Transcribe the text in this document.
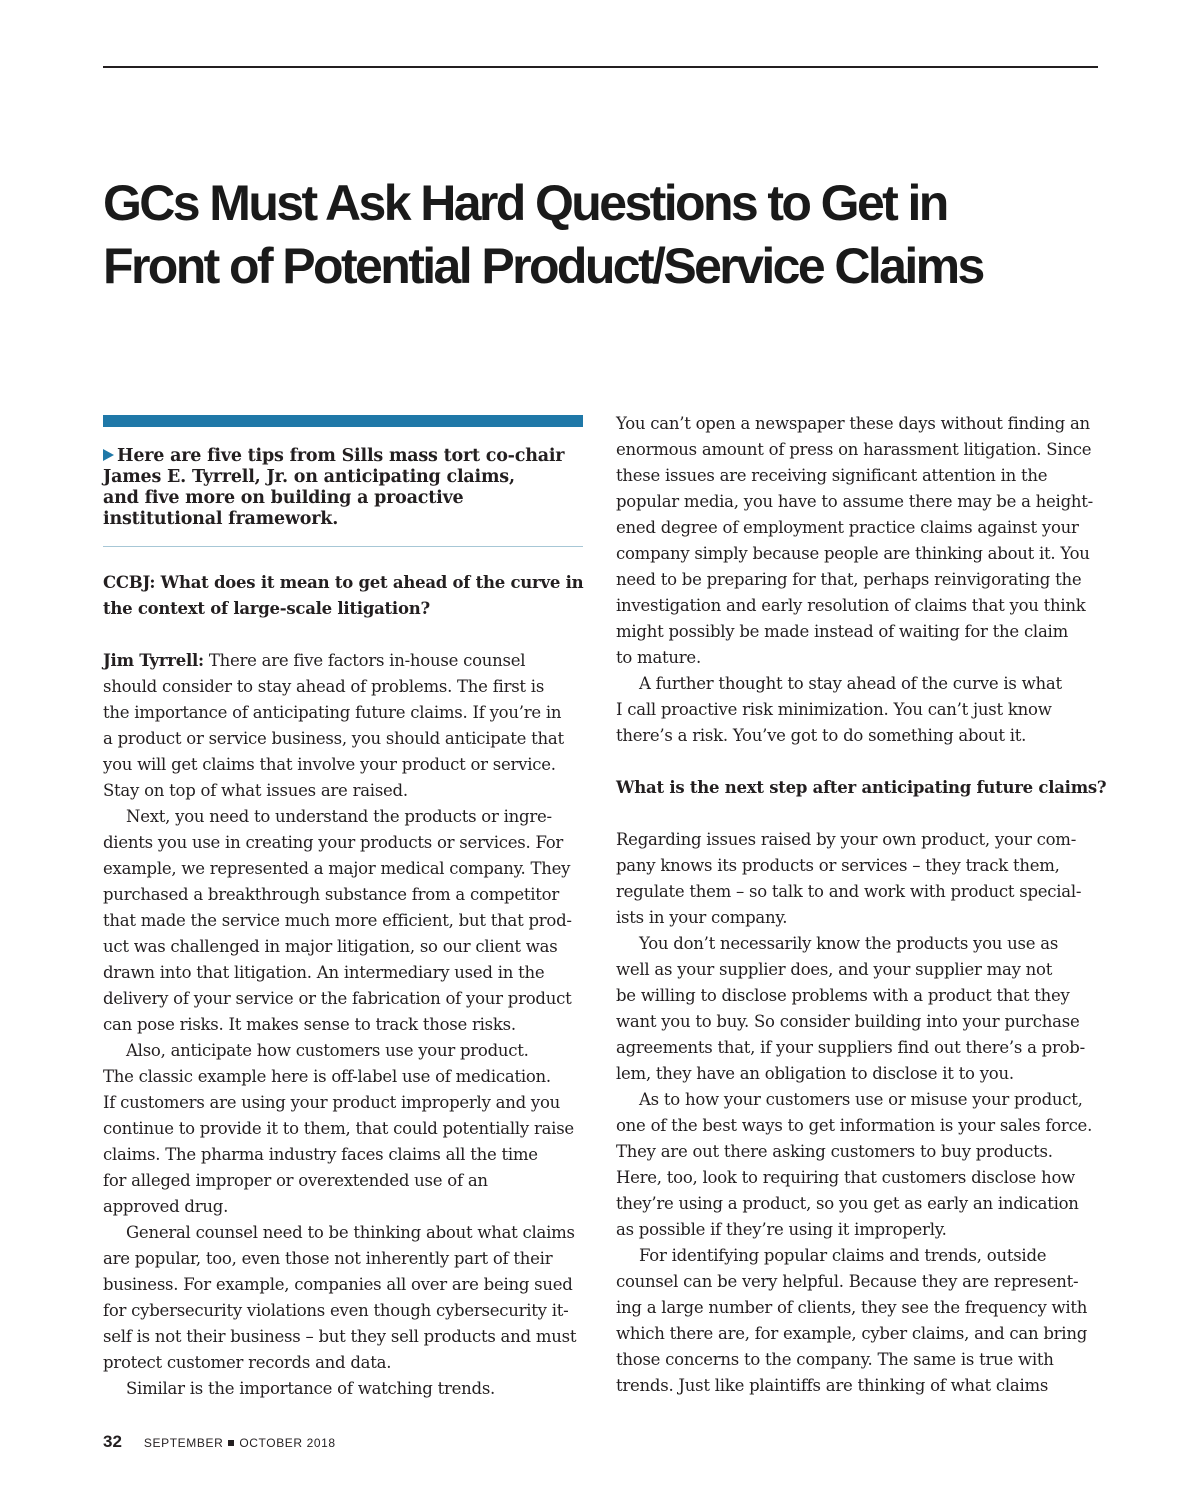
GCs Must Ask Hard Questions to Get in
Front of Potential Product/Service Claims
Here are five tips from Sills mass tort co-chair
James E. Tyrrell, Jr. on anticipating claims,
and five more on building a proactive
institutional framework.
CCBJ: What does it mean to get ahead of the curve in
the context of large-scale litigation?
Jim Tyrrell: There are five factors in-house counsel
should consider to stay ahead of problems. The first is
the importance of anticipating future claims. If you’re in
a product or service business, you should anticipate that
you will get claims that involve your product or service.
Stay on top of what issues are raised.
Next, you need to understand the products or ingre-
dients you use in creating your products or services. For
example, we represented a major medical company. They
purchased a breakthrough substance from a competitor
that made the service much more efficient, but that prod-
uct was challenged in major litigation, so our client was
drawn into that litigation. An intermediary used in the
delivery of your service or the fabrication of your product
can pose risks. It makes sense to track those risks.
Also, anticipate how customers use your product.
The classic example here is off-label use of medication.
If customers are using your product improperly and you
continue to provide it to them, that could potentially raise
claims. The pharma industry faces claims all the time
for alleged improper or overextended use of an
approved drug.
General counsel need to be thinking about what claims
are popular, too, even those not inherently part of their
business. For example, companies all over are being sued
for cybersecurity violations even though cybersecurity it-
self is not their business – but they sell products and must
protect customer records and data.
Similar is the importance of watching trends.
You can’t open a newspaper these days without finding an
enormous amount of press on harassment litigation. Since
these issues are receiving significant attention in the
popular media, you have to assume there may be a height-
ened degree of employment practice claims against your
company simply because people are thinking about it. You
need to be preparing for that, perhaps reinvigorating the
investigation and early resolution of claims that you think
might possibly be made instead of waiting for the claim
to mature.
A further thought to stay ahead of the curve is what
I call proactive risk minimization. You can’t just know
there’s a risk. You’ve got to do something about it.
What is the next step after anticipating future claims?
Regarding issues raised by your own product, your com-
pany knows its products or services – they track them,
regulate them – so talk to and work with product special-
ists in your company.
You don’t necessarily know the products you use as
well as your supplier does, and your supplier may not
be willing to disclose problems with a product that they
want you to buy. So consider building into your purchase
agreements that, if your suppliers find out there’s a prob-
lem, they have an obligation to disclose it to you.
As to how your customers use or misuse your product,
one of the best ways to get information is your sales force.
They are out there asking customers to buy products.
Here, too, look to requiring that customers disclose how
they’re using a product, so you get as early an indication
as possible if they’re using it improperly.
For identifying popular claims and trends, outside
counsel can be very helpful. Because they are represent-
ing a large number of clients, they see the frequency with
which there are, for example, cyber claims, and can bring
those concerns to the company. The same is true with
trends. Just like plaintiffs are thinking of what claims
32 SEPTEMBER OCTOBER 2018
